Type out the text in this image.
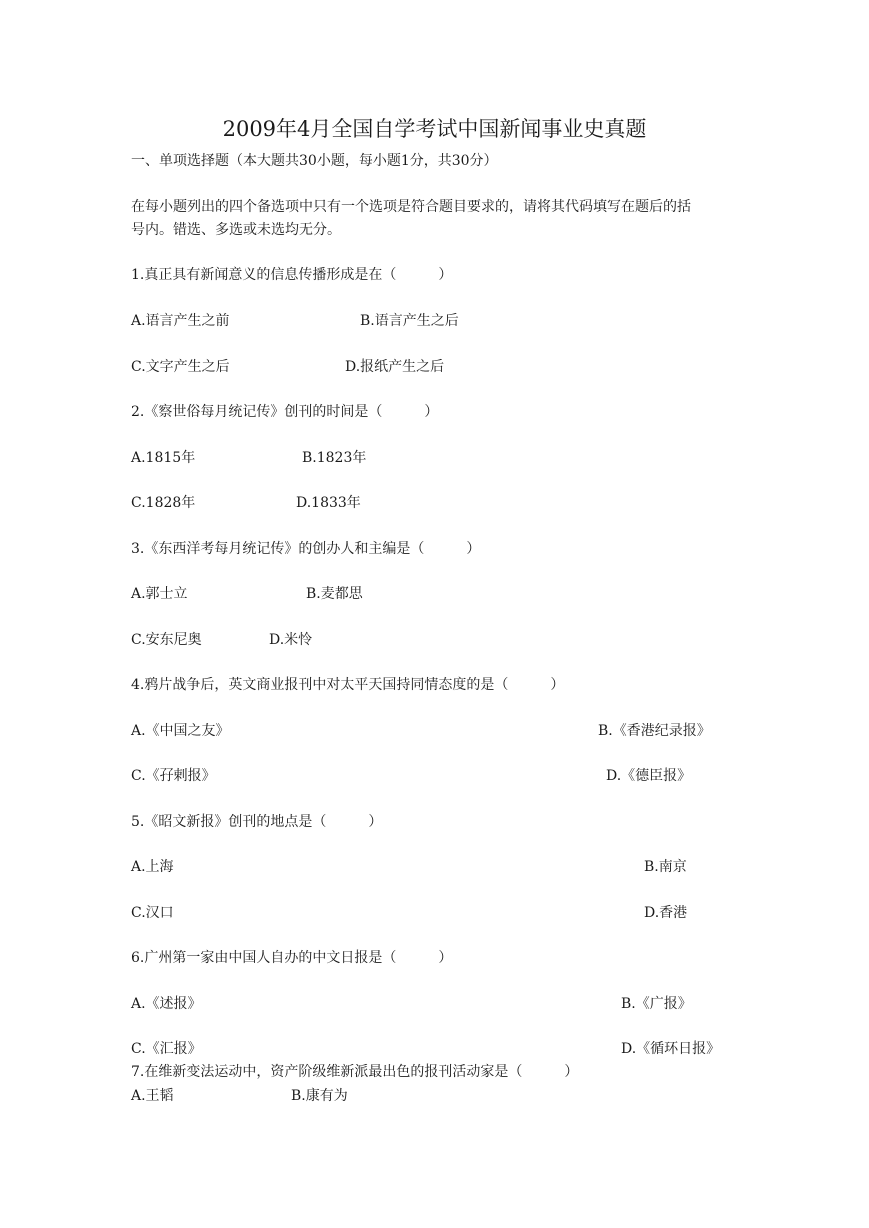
2009年4月全国自学考试中国新闻事业史真题
一、单项选择题（本大题共30小题，每小题1分，共30分）
在每小题列出的四个备选项中只有一个选项是符合题目要求的，请将其代码填写在题后的括
号内。错选、多选或未选均无分。
1.真正具有新闻意义的信息传播形成是在（　　　）
A.语言产生之前	B.语言产生之后
C.文字产生之后	D.报纸产生之后
2.《察世俗每月统记传》创刊的时间是（　　　）
A.1815年	B.1823年
C.1828年	D.1833年
3.《东西洋考每月统记传》的创办人和主编是（　　　）
A.郭士立	B.麦都思
C.安东尼奥	D.米怜
4.鸦片战争后，英文商业报刊中对太平天国持同情态度的是（　　　）
A.《中国之友》	B.《香港纪录报》
C.《孖剌报》	D.《德臣报》
5.《昭文新报》创刊的地点是（　　　）
A.上海	B.南京
C.汉口	D.香港
6.广州第一家由中国人自办的中文日报是（　　　）
A.《述报》	B.《广报》
C.《汇报》	D.《循环日报》
7.在维新变法运动中，资产阶级维新派最出色的报刊活动家是（　　　）
A.王韬	B.康有为
